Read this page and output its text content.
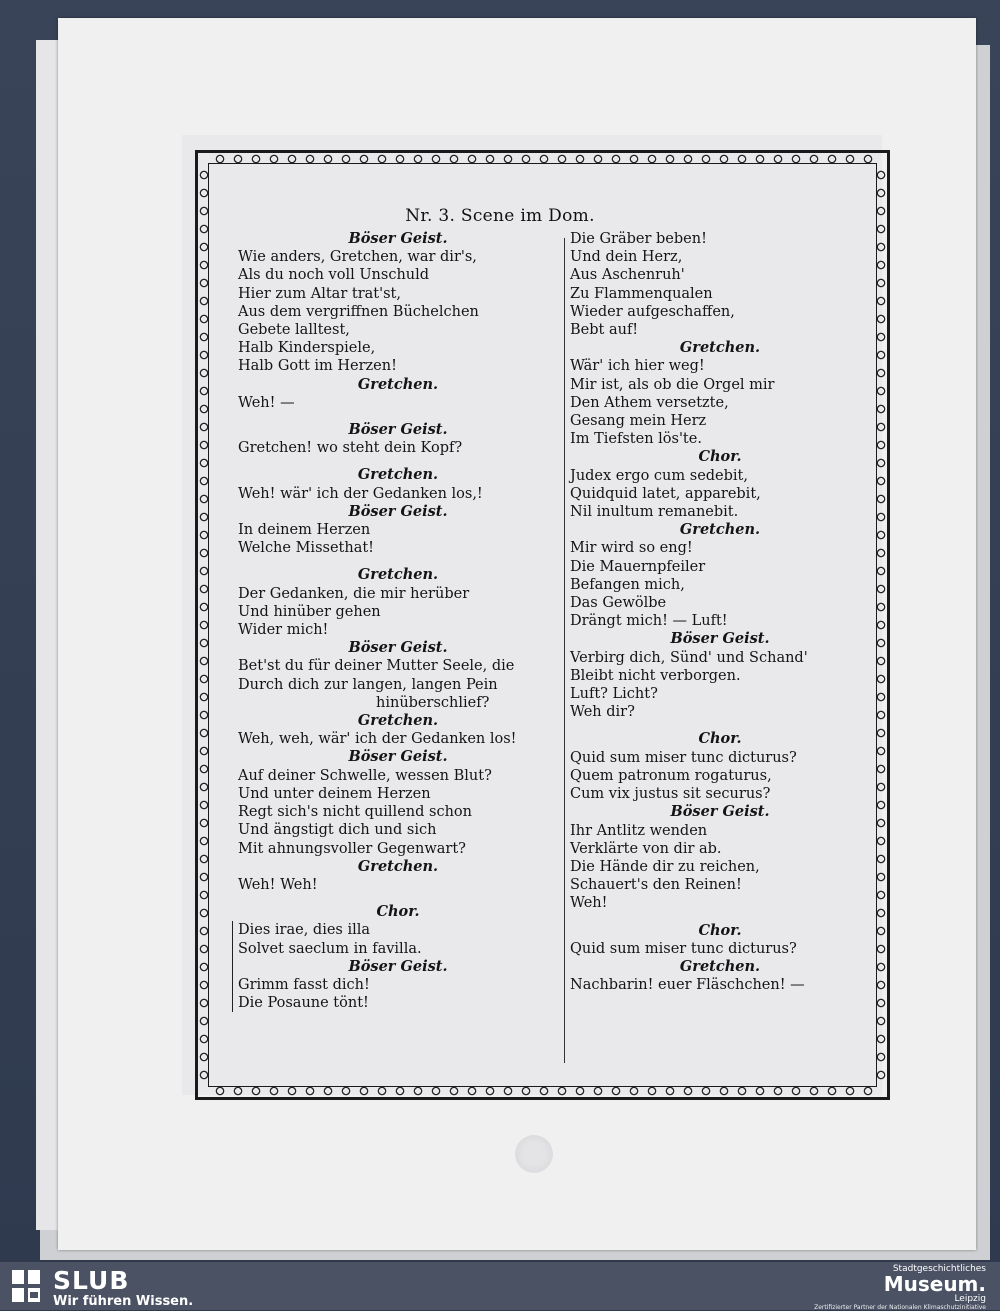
Nr. 3. Scene im Dom.
Böser Geist.
Wie anders, Gretchen, war dir's,
Als du noch voll Unschuld
Hier zum Altar trat'st,
Aus dem vergriffnen Büchelchen
Gebete lalltest,
Halb Kinderspiele,
Halb Gott im Herzen!
Gretchen.
Weh! —
Böser Geist.
Gretchen! wo steht dein Kopf?
Gretchen.
Weh! wär' ich der Gedanken los,!
Böser Geist.
In deinem Herzen
Welche Missethat!
Gretchen.
Der Gedanken, die mir herüber
Und hinüber gehen
Wider mich!
Böser Geist.
Bet'st du für deiner Mutter Seele, die
Durch dich zur langen, langen Pein
hinüberschlief?
Gretchen.
Weh, weh, wär' ich der Gedanken los!
Böser Geist.
Auf deiner Schwelle, wessen Blut?
Und unter deinem Herzen
Regt sich's nicht quillend schon
Und ängstigt dich und sich
Mit ahnungsvoller Gegenwart?
Gretchen.
Weh! Weh!
Chor.
Dies irae, dies illa
Solvet saeclum in favilla.
Böser Geist.
Grimm fasst dich!
Die Posaune tönt!
Die Gräber beben!
Und dein Herz,
Aus Aschenruh'
Zu Flammenqualen
Wieder aufgeschaffen,
Bebt auf!
Gretchen.
Wär' ich hier weg!
Mir ist, als ob die Orgel mir
Den Athem versetzte,
Gesang mein Herz
Im Tiefsten lös'te.
Chor.
Judex ergo cum sedebit,
Quidquid latet, apparebit,
Nil inultum remanebit.
Gretchen.
Mir wird so eng!
Die Mauernpfeiler
Befangen mich,
Das Gewölbe
Drängt mich! — Luft!
Böser Geist.
Verbirg dich, Sünd' und Schand'
Bleibt nicht verborgen.
Luft? Licht?
Weh dir?
Chor.
Quid sum miser tunc dicturus?
Quem patronum rogaturus,
Cum vix justus sit securus?
Böser Geist.
Ihr Antlitz wenden
Verklärte von dir ab.
Die Hände dir zu reichen,
Schauert's den Reinen!
Weh!
Chor.
Quid sum miser tunc dicturus?
Gretchen.
Nachbarin! euer Fläschchen! —
SLUB
Wir führen Wissen.
Stadtgeschichtliches
Museum.
Leipzig
Zertifizierter Partner der Nationalen Klimaschutzinitiative
